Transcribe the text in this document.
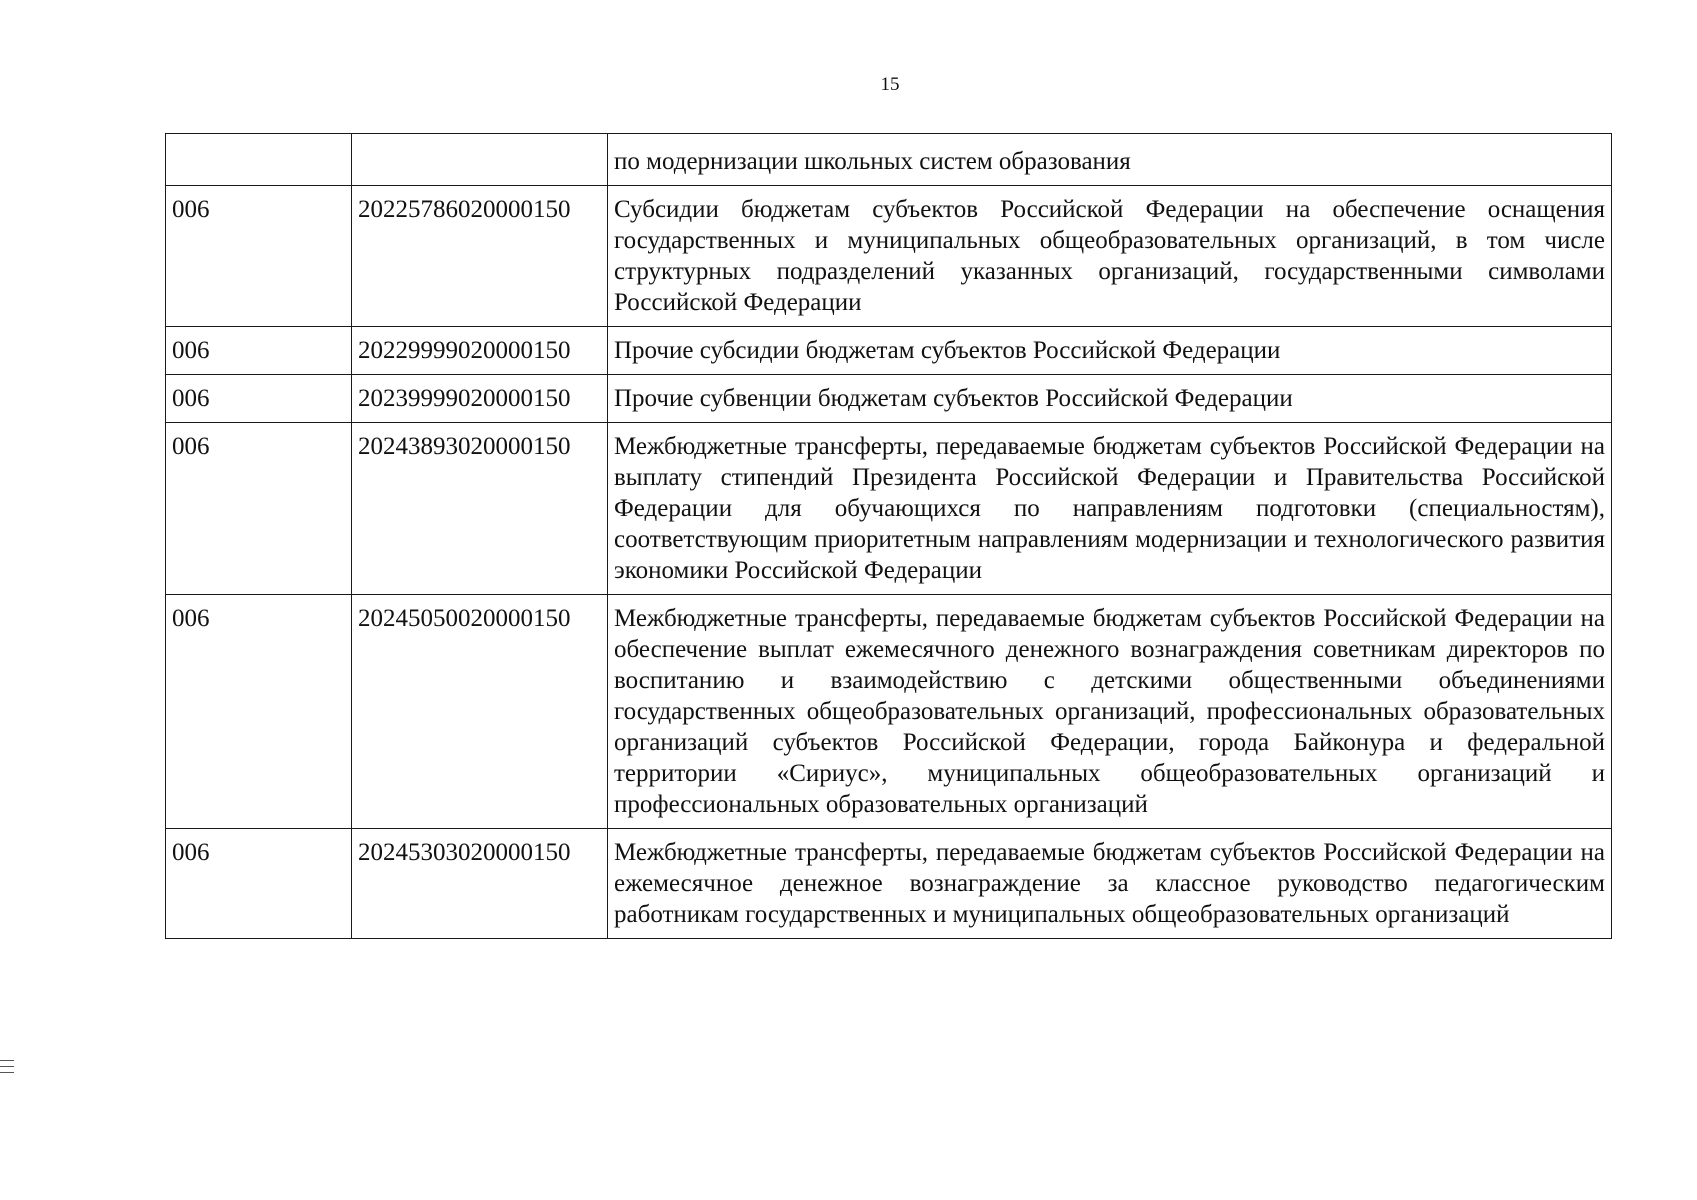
15
		по модернизации школьных систем образования
006	20225786020000150	Субсидии бюджетам субъектов Российской Федерации на обеспечение оснащения государственных и муниципальных общеобразовательных организаций, в том числе структурных подразделений указанных организаций, государственными символами Российской Федерации
006	20229999020000150	Прочие субсидии бюджетам субъектов Российской Федерации
006	20239999020000150	Прочие субвенции бюджетам субъектов Российской Федерации
006	20243893020000150	Межбюджетные трансферты, передаваемые бюджетам субъектов Российской Федерации на выплату стипендий Президента Российской Федерации и Правительства Российской Федерации для обучающихся по направлениям подготовки (специальностям), соответствующим приоритетным направлениям модернизации и технологического развития экономики Российской Федерации
006	20245050020000150	Межбюджетные трансферты, передаваемые бюджетам субъектов Российской Федерации на обеспечение выплат ежемесячного денежного вознаграждения советникам директоров по воспитанию и взаимодействию с детскими общественными объединениями государственных общеобразовательных организаций, профессиональных образовательных организаций субъектов Российской Федерации, города Байконура и федеральной территории «Сириус», муниципальных общеобразовательных организаций и профессиональных образовательных организаций
006	20245303020000150	Межбюджетные трансферты, передаваемые бюджетам субъектов Российской Федерации на ежемесячное денежное вознаграждение за классное руководство педагогическим работникам государственных и муниципальных общеобразовательных организаций
